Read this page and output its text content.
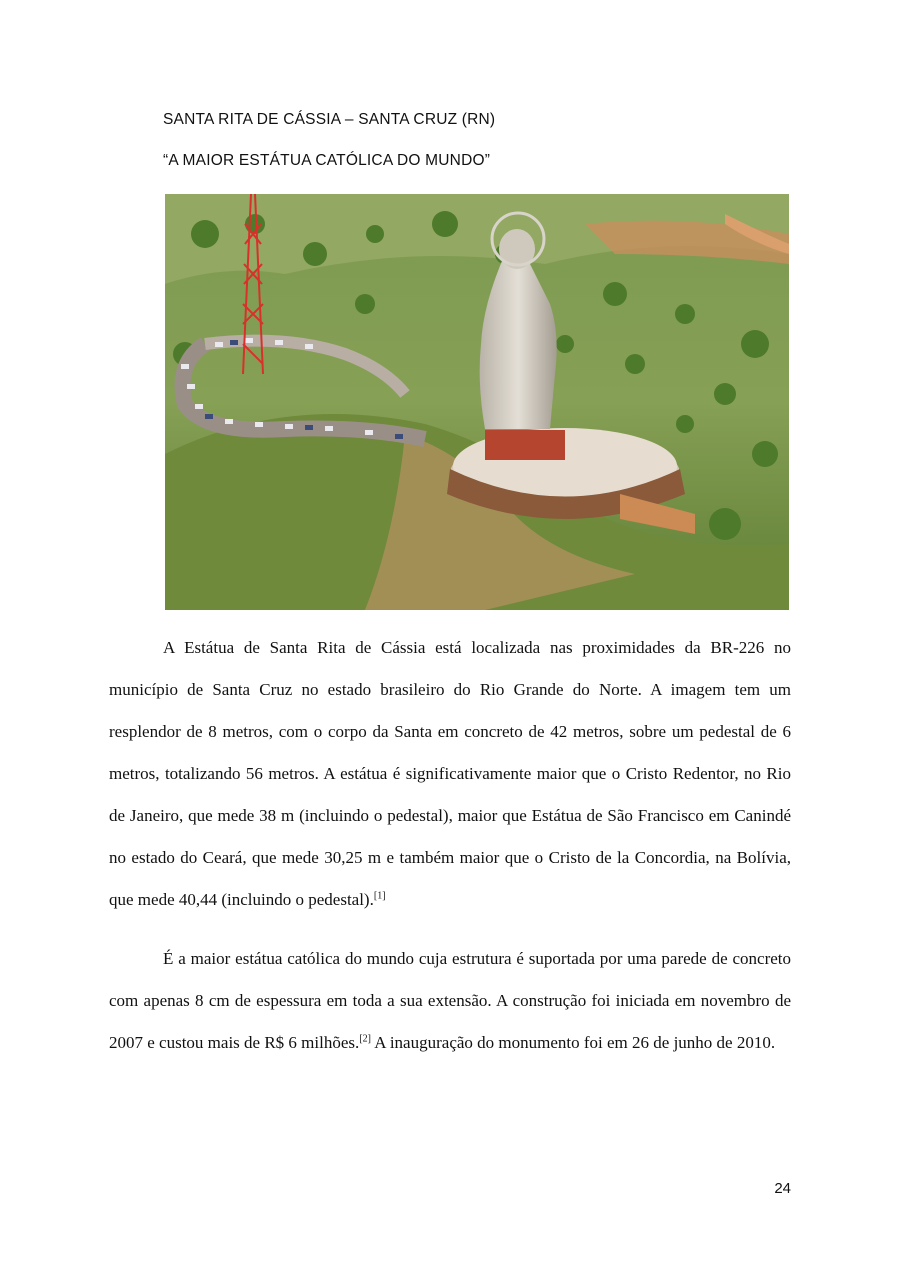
SANTA RITA DE CÁSSIA – SANTA CRUZ (RN)
“A MAIOR ESTÁTUA CATÓLICA DO MUNDO”

A Estátua de Santa Rita de Cássia está localizada nas proximidades da BR-226 no município de Santa Cruz no estado brasileiro do Rio Grande do Norte. A imagem tem um resplendor de 8 metros, com o corpo da Santa em concreto de 42 metros, sobre um pedestal de 6 metros, totalizando 56 metros. A estátua é significativamente maior que o Cristo Redentor, no Rio de Janeiro, que mede 38 m (incluindo o pedestal), maior que Estátua de São Francisco em Canindé no estado do Ceará, que mede 30,25 m e também maior que o Cristo de la Concordia, na Bolívia, que mede 40,44 (incluindo o pedestal).[1]

É a maior estátua católica do mundo cuja estrutura é suportada por uma parede de concreto com apenas 8 cm de espessura em toda a sua extensão. A construção foi iniciada em novembro de 2007 e custou mais de R$ 6 milhões.[2] A inauguração do monumento foi em 26 de junho de 2010.

24
